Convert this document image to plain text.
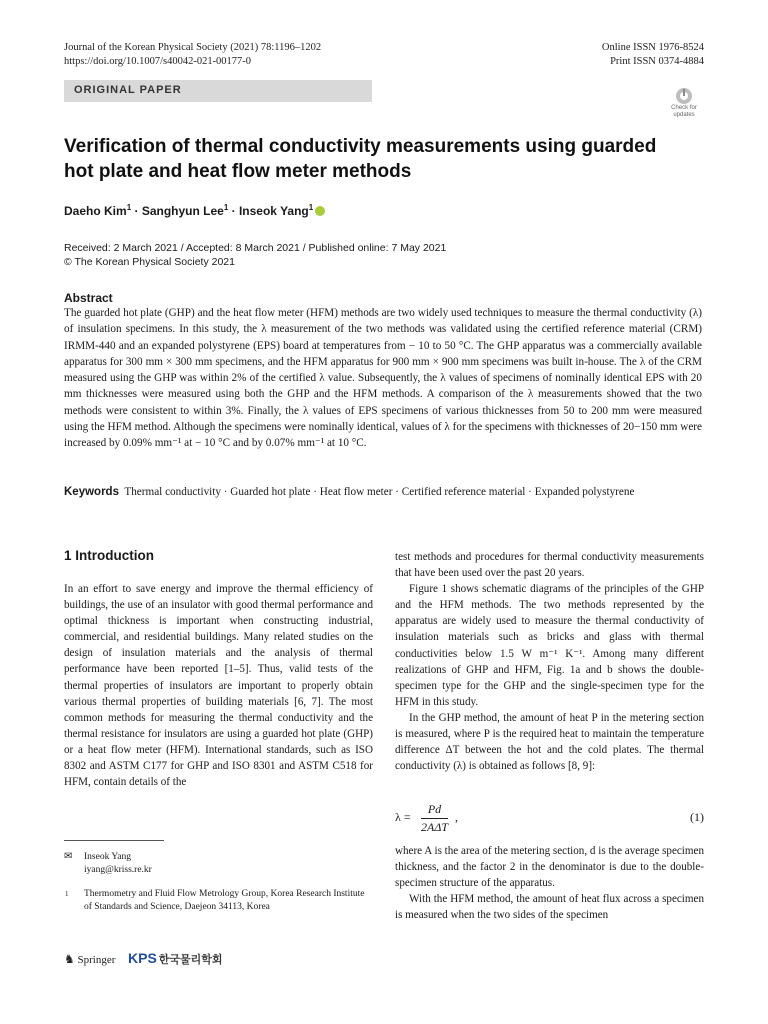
Journal of the Korean Physical Society (2021) 78:1196–1202
https://doi.org/10.1007/s40042-021-00177-0
Online ISSN 1976-8524
Print ISSN 0374-4884
ORIGINAL PAPER
Check for updates
Verification of thermal conductivity measurements using guarded hot plate and heat flow meter methods
Daeho Kim$^1$ · Sanghyun Lee$^1$ · Inseok Yang$^1$
Received: 2 March 2021 / Accepted: 8 March 2021 / Published online: 7 May 2021
© The Korean Physical Society 2021
Abstract
The guarded hot plate (GHP) and the heat flow meter (HFM) methods are two widely used techniques to measure the thermal conductivity (λ) of insulation specimens. In this study, the λ measurement of the two methods was validated using the certified reference material (CRM) IRMM-440 and an expanded polystyrene (EPS) board at temperatures from − 10 to 50 °C. The GHP apparatus was a commercially available apparatus for 300 mm × 300 mm specimens, and the HFM apparatus for 900 mm × 900 mm specimens was built in-house. The λ of the CRM measured using the GHP was within 2% of the certified λ value. Subsequently, the λ values of specimens of nominally identical EPS with 20 mm thicknesses were measured using both the GHP and the HFM methods. A comparison of the λ measurements showed that the two methods were consistent to within 3%. Finally, the λ values of EPS specimens of various thicknesses from 50 to 200 mm were measured using the HFM method. Although the specimens were nominally identical, values of λ for the specimens with thicknesses of 20−150 mm were increased by 0.09% mm⁻¹ at − 10 °C and by 0.07% mm⁻¹ at 10 °C.
Keywords Thermal conductivity · Guarded hot plate · Heat flow meter · Certified reference material · Expanded polystyrene
1 Introduction

In an effort to save energy and improve the thermal efficiency of buildings, the use of an insulator with good thermal performance and optimal thickness is important when constructing industrial, commercial, and residential buildings. Many related studies on the design of insulation materials and the analysis of thermal performance have been reported [1–5]. Thus, valid tests of the thermal properties of insulators are important to properly obtain various thermal properties of building materials [6, 7]. The most common methods for measuring the thermal conductivity and the thermal resistance for insulators are using a guarded hot plate (GHP) or a heat flow meter (HFM). International standards, such as ISO 8302 and ASTM C177 for GHP and ISO 8301 and ASTM C518 for HFM, contain details of the

test methods and procedures for thermal conductivity measurements that have been used over the past 20 years.

Figure 1 shows schematic diagrams of the principles of the GHP and the HFM methods. The two methods represented by the apparatus are widely used to measure the thermal conductivity of insulation materials such as bricks and glass with thermal conductivities below 1.5 W m⁻¹ K⁻¹. Among many different realizations of GHP and HFM, Fig. 1a and b shows the double-specimen type for the GHP and the single-specimen type for the HFM in this study.

In the GHP method, the amount of heat P in the metering section is measured, where P is the required heat to maintain the temperature difference ΔT between the hot and the cold plates. The thermal conductivity (λ) is obtained as follows [8, 9]:

λ =
Pd
2AΔT
,	(1)

where A is the area of the metering section, d is the average specimen thickness, and the factor 2 in the denominator is due to the double-specimen structure of the apparatus.

With the HFM method, the amount of heat flux across a specimen is measured when the two sides of the specimen

✉ Inseok Yang
iyang@kriss.re.kr
1 Thermometry and Fluid Flow Metrology Group, Korea Research Institute of Standards and Science, Daejeon 34113, Korea
♞ Springer KPS 한국물리학회
